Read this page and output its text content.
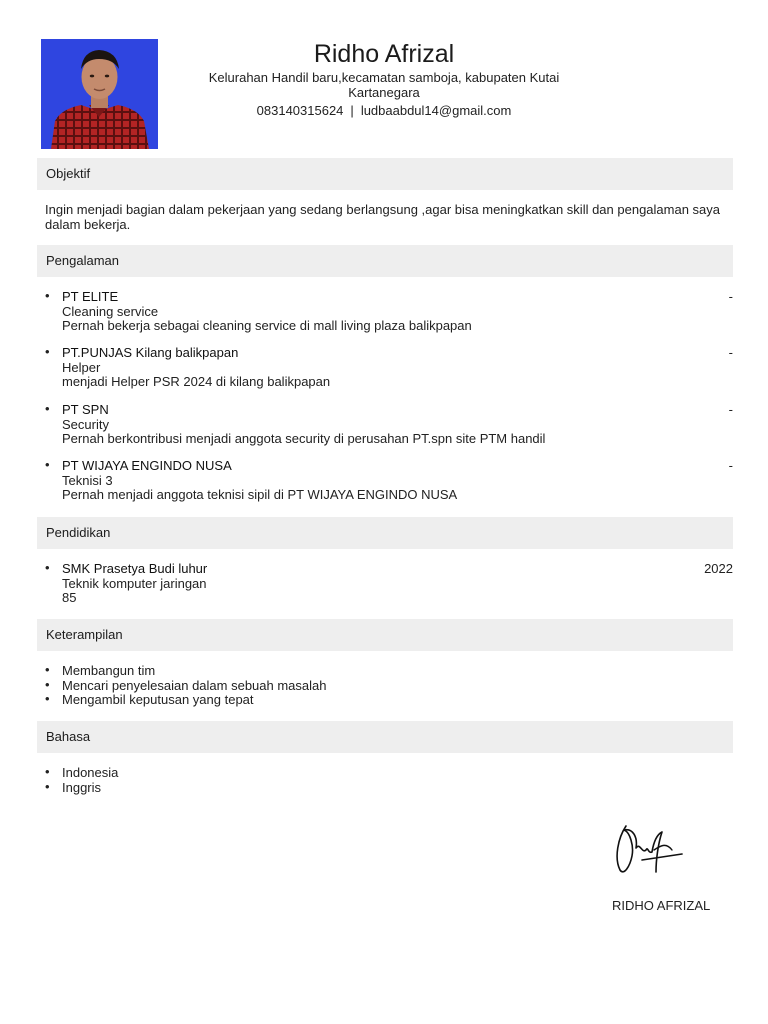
Ridho Afrizal
Kelurahan Handil baru,kecamatan samboja, kabupaten Kutai Kartanegara
083140315624 | ludbaabdul14@gmail.com
Objektif
Ingin menjadi bagian dalam pekerjaan yang sedang berlangsung ,agar bisa meningkatkan skill dan pengalaman saya dalam bekerja.
Pengalaman
• PT ELITE
Cleaning service
Pernah bekerja sebagai cleaning service di mall living plaza balikpapan
-
• PT.PUNJAS Kilang balikpapan
Helper
menjadi Helper PSR 2024 di kilang balikpapan
-
• PT SPN
Security
Pernah berkontribusi menjadi anggota security di perusahan PT.spn site PTM handil
-
• PT WIJAYA ENGINDO NUSA
Teknisi 3
Pernah menjadi anggota teknisi sipil di PT WIJAYA ENGINDO NUSA
-
Pendidikan
• SMK Prasetya Budi luhur
Teknik komputer jaringan
85
2022
Keterampilan
• Membangun tim
• Mencari penyelesaian dalam sebuah masalah
• Mengambil keputusan yang tepat
Bahasa
• Indonesia
• Inggris
RIDHO AFRIZAL
